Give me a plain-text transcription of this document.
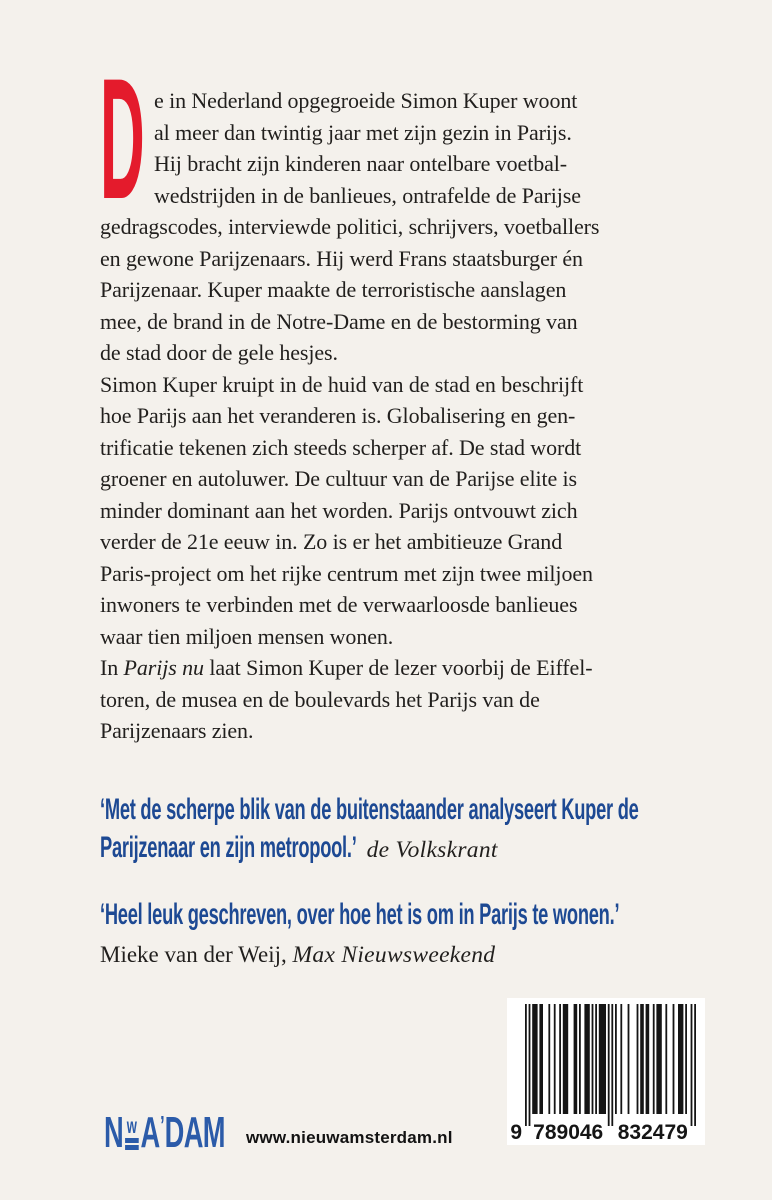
D e in Nederland opgegroeide Simon Kuper woont
al meer dan twintig jaar met zijn gezin in Parijs.
Hij bracht zijn kinderen naar ontelbare voetbal-
wedstrijden in de banlieues, ontrafelde de Parijse
gedragscodes, interviewde politici, schrijvers, voetballers
en gewone Parijzenaars. Hij werd Frans staatsburger én
Parijzenaar. Kuper maakte de terroristische aanslagen
mee, de brand in de Notre-Dame en de bestorming van
de stad door de gele hesjes.
Simon Kuper kruipt in de huid van de stad en beschrijft
hoe Parijs aan het veranderen is. Globalisering en gen-
trificatie tekenen zich steeds scherper af. De stad wordt
groener en autoluwer. De cultuur van de Parijse elite is
minder dominant aan het worden. Parijs ontvouwt zich
verder de 21e eeuw in. Zo is er het ambitieuze Grand
Paris-project om het rijke centrum met zijn twee miljoen
inwoners te verbinden met de verwaarloosde banlieues
waar tien miljoen mensen wonen.
In Parijs nu laat Simon Kuper de lezer voorbij de Eiffel-
toren, de musea en de boulevards het Parijs van de
Parijzenaars zien.
‘Met de scherpe blik van de buitenstaander analyseert Kuper de
Parijzenaar en zijn metropool.’ de Volkskrant
‘Heel leuk geschreven, over hoe het is om in Parijs te wonen.’
Mieke van der Weij, Max Nieuwsweekend
N w A ’ DAM www.nieuwamsterdam.nl	9 789046 832479
